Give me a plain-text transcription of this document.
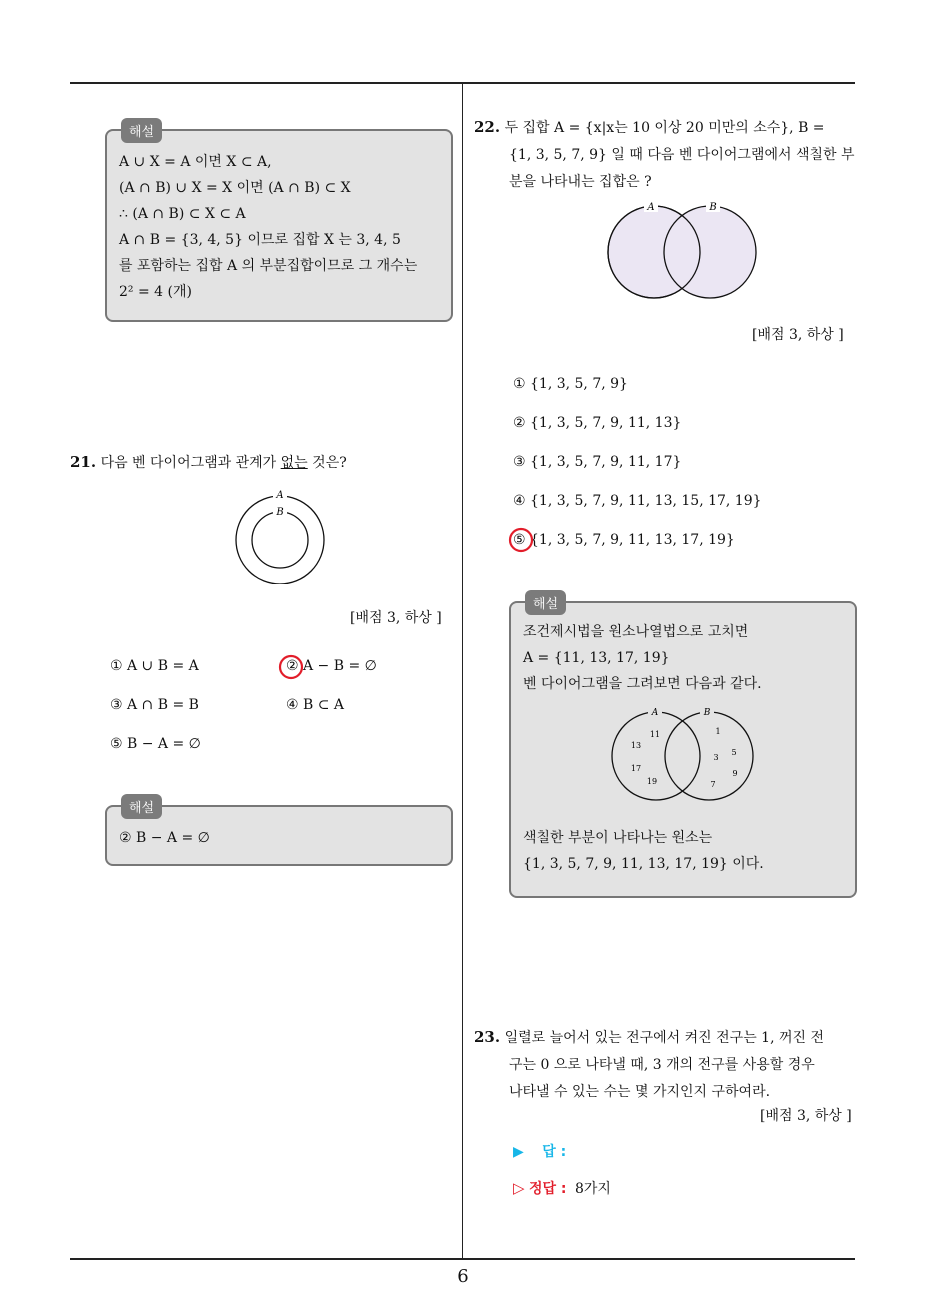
해설
A ∪ X = A 이면 X ⊂ A,
(A ∩ B) ∪ X = X 이면 (A ∩ B) ⊂ X
∴ (A ∩ B) ⊂ X ⊂ A
A ∩ B = {3, 4, 5} 이므로 집합 X 는 3, 4, 5
를 포함하는 집합 A 의 부분집합이므로 그 개수는
2² = 4 (개)
21. 다음 벤 다이어그램과 관계가 없는 것은?
A
B
[배점 3, 하상 ]
① A ∪ B = A	② A − B = ∅
③ A ∩ B = B	④ B ⊂ A
⑤ B − A = ∅
해설
② B − A = ∅
22. 두 집합 A = {x|x는 10 이상 20 미만의 소수}, B =
{1, 3, 5, 7, 9} 일 때 다음 벤 다이어그램에서 색칠한 부
분을 나타내는 집합은 ?
A	B
[배점 3, 하상 ]
① {1, 3, 5, 7, 9}
② {1, 3, 5, 7, 9, 11, 13}
③ {1, 3, 5, 7, 9, 11, 17}
④ {1, 3, 5, 7, 9, 11, 13, 15, 17, 19}
⑤ {1, 3, 5, 7, 9, 11, 13, 17, 19}
해설
조건제시법을 원소나열법으로 고치면
A = {11, 13, 17, 19}
벤 다이어그램을 그려보면 다음과 같다.
A	B
11
13
17
19
1
3
5
9
7
색칠한 부분이 나타나는 원소는
{1, 3, 5, 7, 9, 11, 13, 17, 19} 이다.
23. 일렬로 늘어서 있는 전구에서 켜진 전구는 1, 꺼진 전
구는 0 으로 나타낼 때, 3 개의 전구를 사용할 경우
나타낼 수 있는 수는 몇 가지인지 구하여라.
[배점 3, 하상 ]
▶ 답 :
▷ 정답 : 8가지
6
